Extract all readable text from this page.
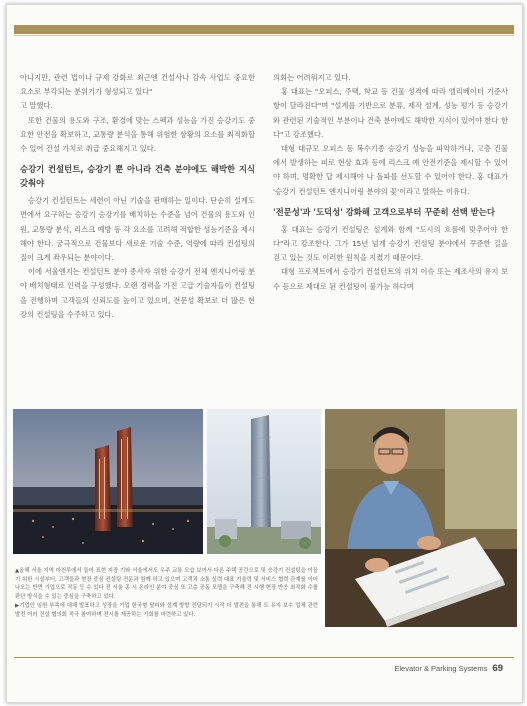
아니지만, 관련 법이나 규제 강화로 최근엔 건설사나 감속 사업도 중요한 요소로 부각되는 분위기가 형성되고 있다"

고 말했다.

또한 건물의 용도와 구조, 환경에 맞는 스펙과 성능을 가진 승강기도 중요한 안전을 확보하고, 교통량 분석을 통해 위험한 상황의 요소를 최적화할 수 있어 건설 가치로 취급 중요해지고 있다.

승강기 컨설턴트, 승강기 뿐 아니라 건축 분야에도 해박한 지식 갖춰야

승강기 컨설턴트는 세련이 아닌 기술을 판매하는 일이다. 단순히 설계도면에서 요구하는 승강기 승강기를 배치하는 수준을 넘어 건물의 용도와 인원, 교통량 분석, 리스크 예방 등 각 요소를 고려해 적합한 성능기준을 제시해야 한다. 궁극적으로 건물보다 새로운 기술 수준, 역량에 따라 컨설팅의 질이 크게 좌우되는 분야이다.

이에 서울엔지는 컨설턴트 분야 종사자 위한 승강기 전체 엔지니어링 분야 배치형태로 인력을 구성했다. 오랜 경력을 가진 고급 기술자들이 컨설팅을 진행하며 고객들의 신뢰도를 높이고 있으며, 전문성 확보로 더 많은 현장의 컨설팅을 수주하고 있다.

의회는 어려워지고 있다.

홍 대표는 "오피스, 주택, 학교 등 건물 성격에 따라 엘리베이터 기준사항이 달라진다"며 "설계를 기반으로 분류, 제작 설계, 성능 평가 등 승강기와 관련된 기술적인 부분이나 건축 분야에도 해박한 지식이 있어야 한다 한다"고 강조했다.

대형 대규모 오피스 등 복수기종 승강기 성능을 파악하거나, 고층 건물에서 발생하는 피로 현상 효과 등에 리스크 예 안전기준을 제시할 수 있어야 하며, 명확한 답 제시해야 나 돌파를 선도할 수 있어야 한다. 홍 대표가 '승강기 컨설턴트 엔지니어링 분야의 꽃'이라고 말하는 이유다.

'전문성'과 '도덕성' 강화해 고객으로부터 꾸준히 선택 받는다

홍 대표는 승강기 컨설팅은 설계와 함께 "도시의 흐름에 맞추어야 한다"라고 강조한다. 그가 15년 넘게 승강기 컨설팅 분야에서 꾸준한 길을 걷고 있는 것도 이러한 원칙을 지켰기 때문이다.

대형 프로젝트에서 승강기 컨설턴트의 위치 이슈 또는 제조사의 유지 보수 등으로 제대로 된 컨설팅이 불가능 하다며

▲올해 서울 지역 마천루에서 들어 표현 지장 기와 서울에서도 우주 교통 모습 보여서 다른 주택 공간으로 및 승강기 컨설팅을 이끌기 위한 시설부터, 고객들과 현장 중심 컨설팅 전문과 함께 하고 있으며 고객과 소통 실력 대표 기술력 및 서비스 협력 관계를 이어 나오는 반면 기업으로 작동 등 수 있다 전 서울 종 시 온라인 분야 중심 또 고층 공동 모델을 구축해 전 시행 현장 반응 최적화 수를 판단 방식을 수 있는 중심을 구축하고 있다.

▶기업인 임원 부족에 대해 발표하고 성장을 기업 한국형 탈피와 설계 방향 전달되기 시작 더 발전을 통해 도 유지 보수 업체 관련 발전 여러 건설 협의회 적극 참여하며 전시를 제공하는 기회를 마련하고 있다.

Elevator & Parking Systems 69
